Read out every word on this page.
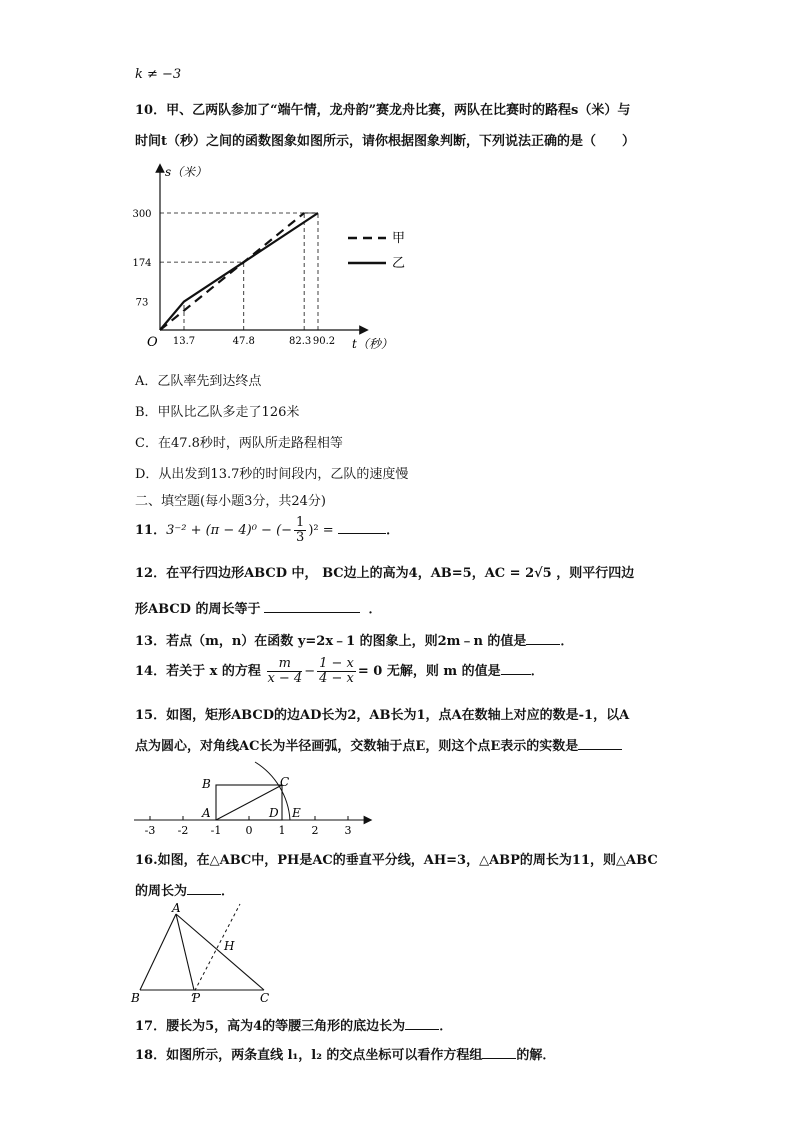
k ≠ −3
10．甲、乙两队参加了“端午情，龙舟韵”赛龙舟比赛，两队在比赛时的路程s（米）与
时间t（秒）之间的函数图象如图所示，请你根据图象判断，下列说法正确的是（　　）
73
174
300
13.7	47.8	82.3 90.2
s（米）
t（秒）
O
甲
乙
A．乙队率先到达终点
B．甲队比乙队多走了126米
C．在47.8秒时，两队所走路程相等
D．从出发到13.7秒的时间段内，乙队的速度慢
二、填空题(每小题3分，共24分)
11．3⁻² + (π − 4)⁰ − (− $\frac{1}{3} )^2$ =	．
12．在平行四边形ABCD 中， BC边上的高为4，AB=5，AC = 2√5 ，则平行四边
形ABCD 的周长等于	．
13．若点（m，n）在函数 y=2x﹣1 的图象上，则2m﹣n 的值是	．
14．若关于 x 的方程 $\frac{m}{x - 4} - \frac{1 - x}{4 - x} = 0$ 无解，则 m 的值是 ．
15．如图，矩形ABCD的边AD长为2，AB长为1，点A在数轴上对应的数是-1，以A
点为圆心，对角线AC长为半径画弧，交数轴于点E，则这个点E表示的实数是
-3 -2 -1 0 1 2 3
B
A
C
D E
16.如图，在△ABC中，PH是AC的垂直平分线，AH=3，△ABP的周长为11，则△ABC
的周长为	．
A
B	C
P
H
17．腰长为5，高为4的等腰三角形的底边长为	．
18．如图所示，两条直线 l₁，l₂ 的交点坐标可以看作方程组	的解．
